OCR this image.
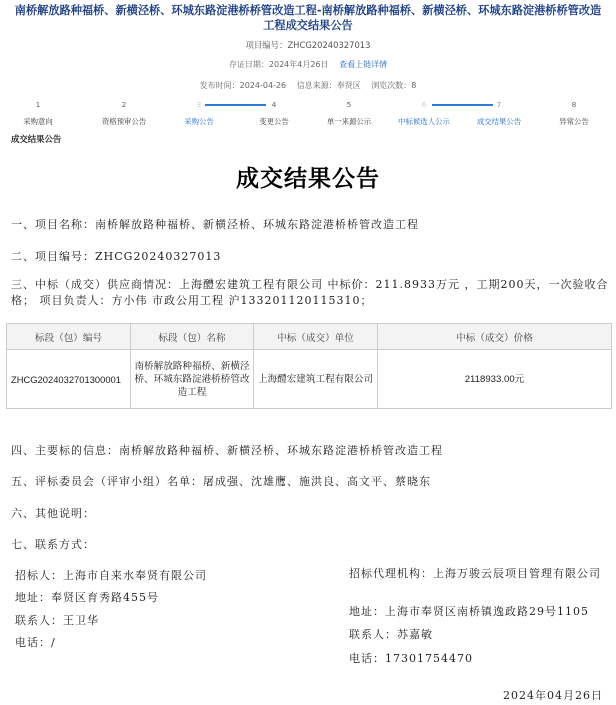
南桥解放路种福桥、新横泾桥、环城东路淀港桥桥管改造工程-南桥解放路种福桥、新横泾桥、环城东路淀港桥桥管改造工程成交结果公告
项目编号：ZHCG20240327013
存证日期：2024年4月26日 查看上链详情
发布时间：2024-04-26 信息来源：奉贤区 浏览次数：8
1
采购意向
2
资格预审公告
3
采购公告
4
变更公告
5
单一来源公示
6
中标候选人公示
7
成交结果公告
8
异常公告
成交结果公告
成交结果公告
一、项目名称：南桥解放路种福桥、新横泾桥、环城东路淀港桥桥管改造工程
二、项目编号：ZHCG20240327013
三、中标（成交）供应商情况：上海醴宏建筑工程有限公司 中标价：211.8933万元 ，工期200天，一次验收合格； 项目负责人：方小伟 市政公用工程 沪133201120115310；
标段（包）编号	标段（包）名称	中标（成交）单位	中标（成交）价格
ZHCG2024032701300001	南桥解放路种福桥、新横泾桥、环城东路淀港桥桥管改造工程	上海醴宏建筑工程有限公司	2118933.00元
四、主要标的信息：南桥解放路种福桥、新横泾桥、环城东路淀港桥桥管改造工程
五、评标委员会（评审小组）名单：屠成强、沈雄鹰、施洪良、高文平、蔡晓东
六、其他说明：
七、联系方式：
招标人：上海市自来水奉贤有限公司
地址：奉贤区育秀路455号
联系人：王卫华
电话：/
招标代理机构：上海万骏云辰项目管理有限公司
地址：上海市奉贤区南桥镇逸政路29号1105
联系人：苏嘉敏
电话：17301754470
2024年04月26日
